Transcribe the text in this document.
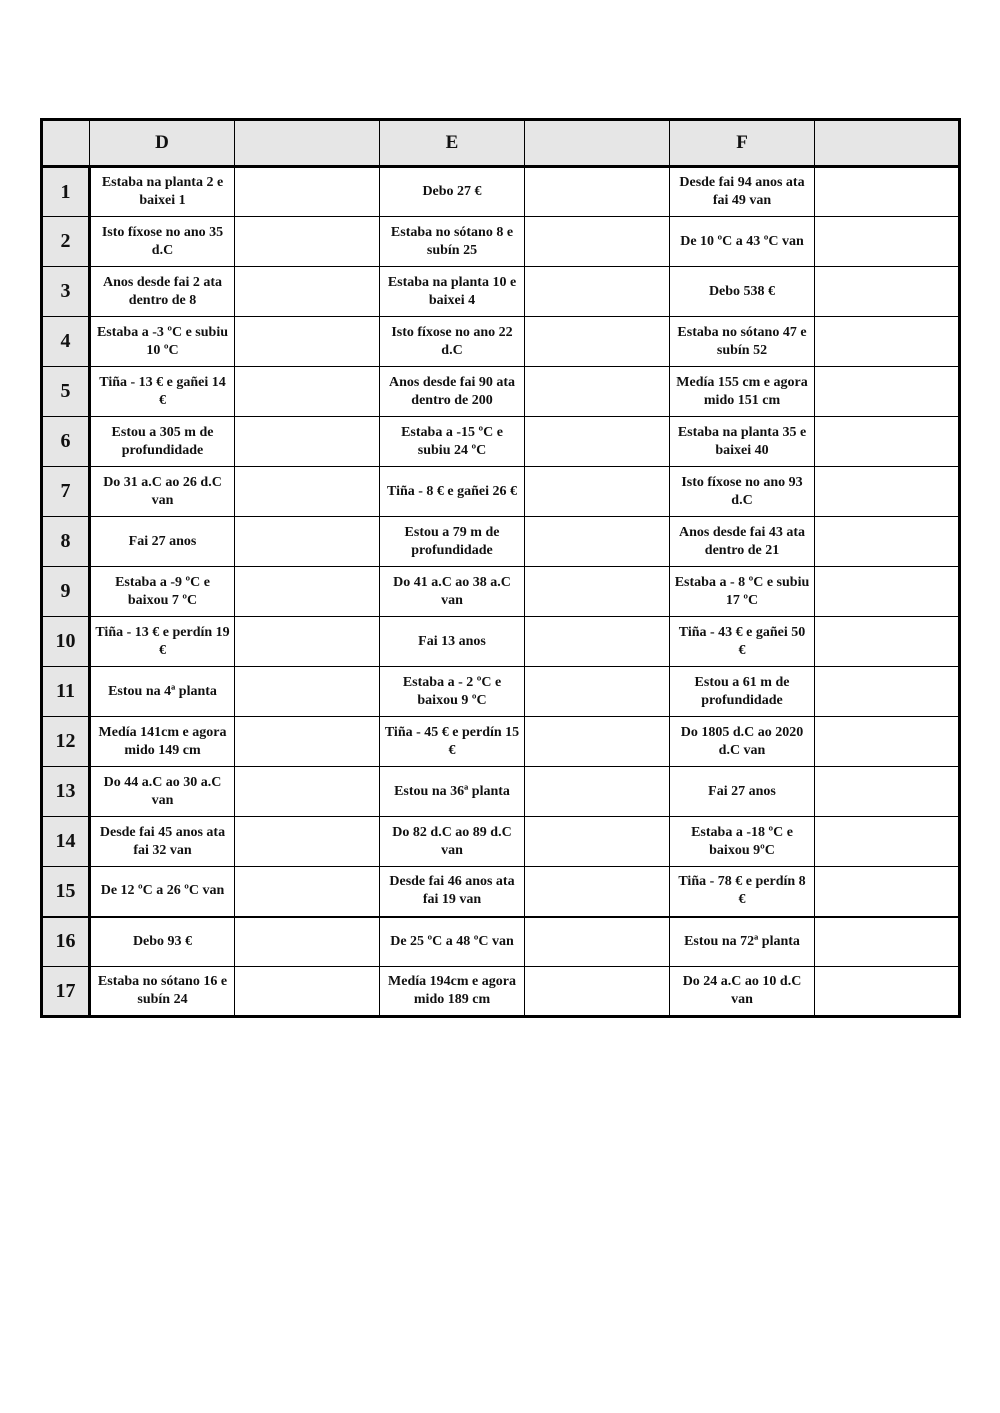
	D		E		F	
1	Estaba na planta 2 e baixei 1		Debo 27 €		Desde fai 94 anos ata fai 49 van	
2	Isto fíxose no ano 35 d.C		Estaba no sótano 8 e subín 25		De 10 ºC a 43 ºC van	
3	Anos desde fai 2 ata dentro de 8		Estaba na planta 10 e baixei 4		Debo 538 €	
4	Estaba a -3 ºC e subiu 10 ºC		Isto fíxose no ano 22 d.C		Estaba no sótano 47 e subín 52	
5	Tiña - 13 € e gañei 14 €		Anos desde fai 90 ata dentro de 200		Medía 155 cm e agora mido 151 cm	
6	Estou a 305 m de profundidade		Estaba a -15 ºC e subiu 24 ºC		Estaba na planta 35 e baixei 40	
7	Do 31 a.C ao 26 d.C van		Tiña - 8 € e gañei 26 €		Isto fíxose no ano 93 d.C	
8	Fai 27 anos		Estou a 79 m de profundidade		Anos desde fai 43 ata dentro de 21	
9	Estaba a -9 ºC e baixou 7 ºC		Do 41 a.C ao 38 a.C van		Estaba a - 8 ºC e subiu 17 ºC	
10	Tiña - 13 € e perdín 19 €		Fai 13 anos		Tiña - 43 € e gañei 50 €	
11	Estou na 4ª planta		Estaba a - 2 ºC e baixou 9 ºC		Estou a 61 m de profundidade	
12	Medía 141cm e agora mido 149 cm		Tiña - 45 € e perdín 15 €		Do 1805 d.C ao 2020 d.C van	
13	Do 44 a.C ao 30 a.C van		Estou na 36ª planta		Fai 27 anos	
14	Desde fai 45 anos ata fai 32 van		Do 82 d.C ao 89 d.C van		Estaba a -18 ºC e baixou 9ºC	
15	De 12 ºC a 26 ºC van		Desde fai 46 anos ata fai 19 van		Tiña - 78 € e perdín 8 €	
16	Debo 93 €		De 25 ºC a 48 ºC van		Estou na 72ª planta	
17	Estaba no sótano 16 e subín 24		Medía 194cm e agora mido 189 cm		Do 24 a.C ao 10 d.C van	
